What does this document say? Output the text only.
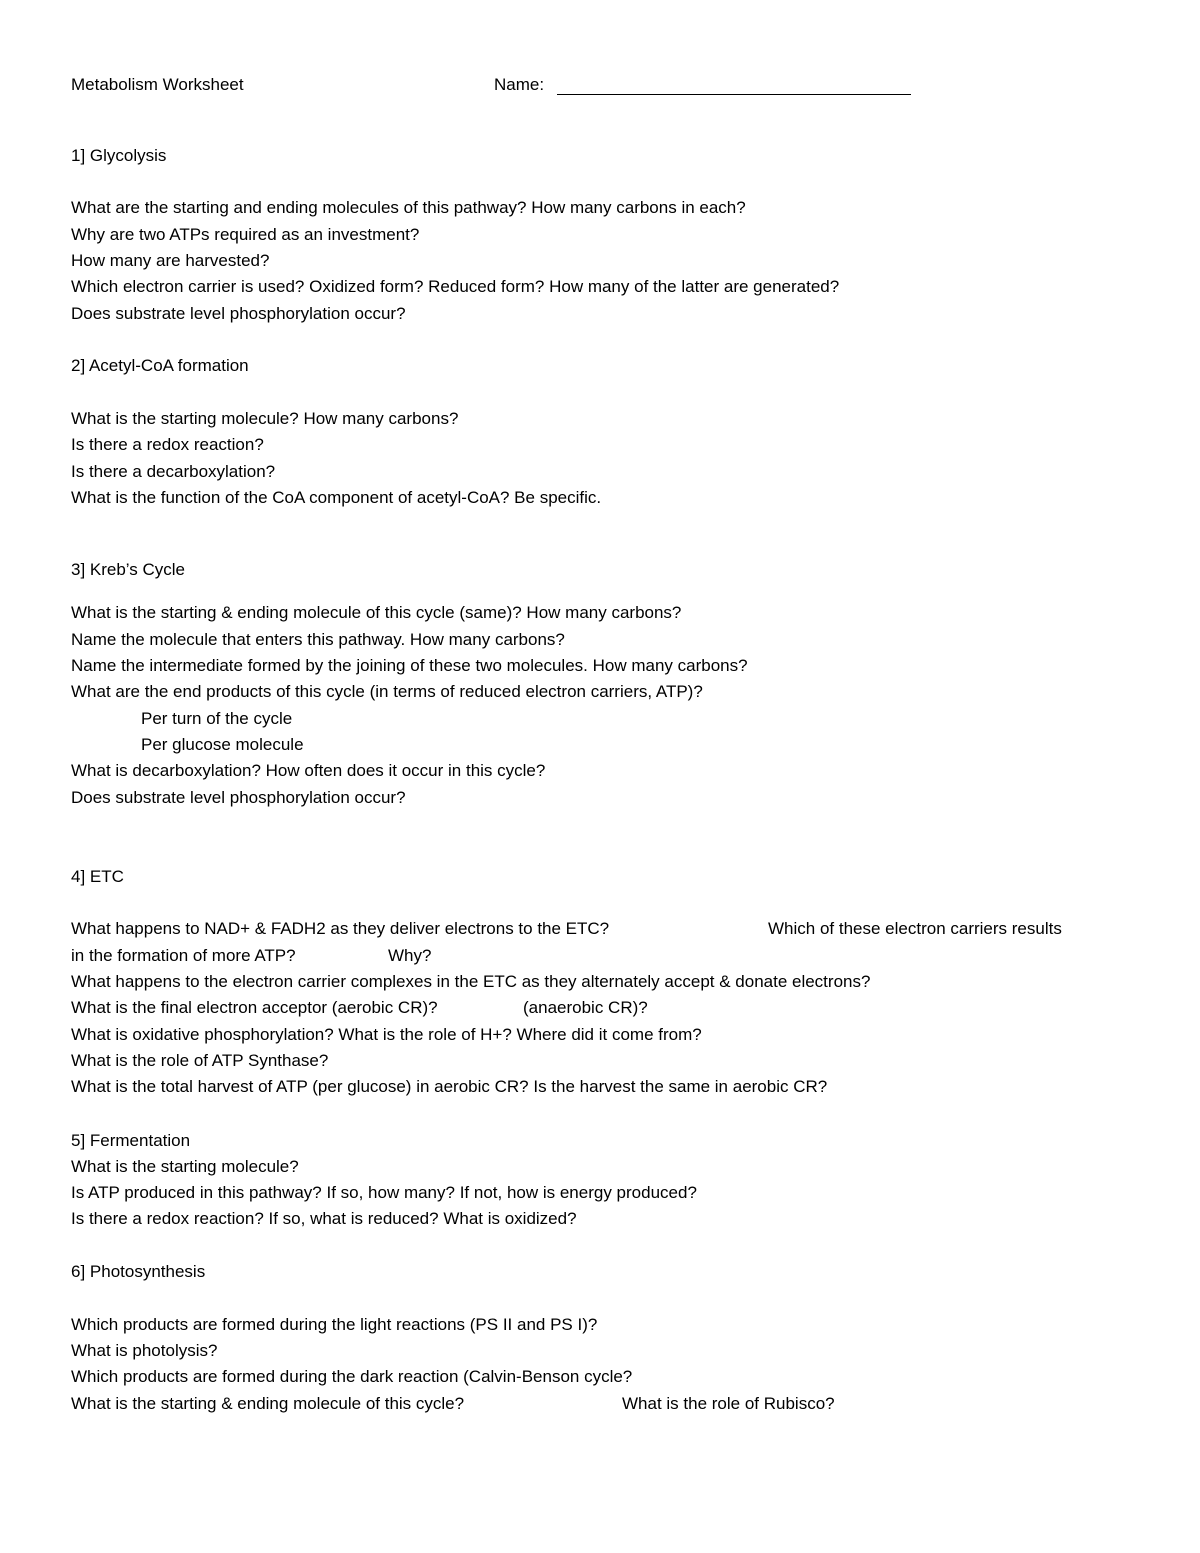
Metabolism Worksheet	Name:
1] Glycolysis
What are the starting and ending molecules of this pathway? How many carbons in each?
Why are two ATPs required as an investment?
How many are harvested?
Which electron carrier is used? Oxidized form? Reduced form? How many of the latter are generated?
Does substrate level phosphorylation occur?
2] Acetyl-CoA formation
What is the starting molecule? How many carbons?
Is there a redox reaction?
Is there a decarboxylation?
What is the function of the CoA component of acetyl-CoA? Be specific.
3] Kreb’s Cycle
What is the starting & ending molecule of this cycle (same)? How many carbons?
Name the molecule that enters this pathway. How many carbons?
Name the intermediate formed by the joining of these two molecules. How many carbons?
What are the end products of this cycle (in terms of reduced electron carriers, ATP)?
Per turn of the cycle
Per glucose molecule
What is decarboxylation? How often does it occur in this cycle?
Does substrate level phosphorylation occur?
4] ETC
What happens to NAD+ & FADH2 as they deliver electrons to the ETC?	Which of these electron carriers results
in the formation of more ATP?	Why?
What happens to the electron carrier complexes in the ETC as they alternately accept & donate electrons?
What is the final electron acceptor (aerobic CR)?	(anaerobic CR)?
What is oxidative phosphorylation? What is the role of H+? Where did it come from?
What is the role of ATP Synthase?
What is the total harvest of ATP (per glucose) in aerobic CR? Is the harvest the same in aerobic CR?
5] Fermentation
What is the starting molecule?
Is ATP produced in this pathway? If so, how many? If not, how is energy produced?
Is there a redox reaction? If so, what is reduced? What is oxidized?
6] Photosynthesis
Which products are formed during the light reactions (PS II and PS I)?
What is photolysis?
Which products are formed during the dark reaction (Calvin-Benson cycle?
What is the starting & ending molecule of this cycle?	What is the role of Rubisco?
